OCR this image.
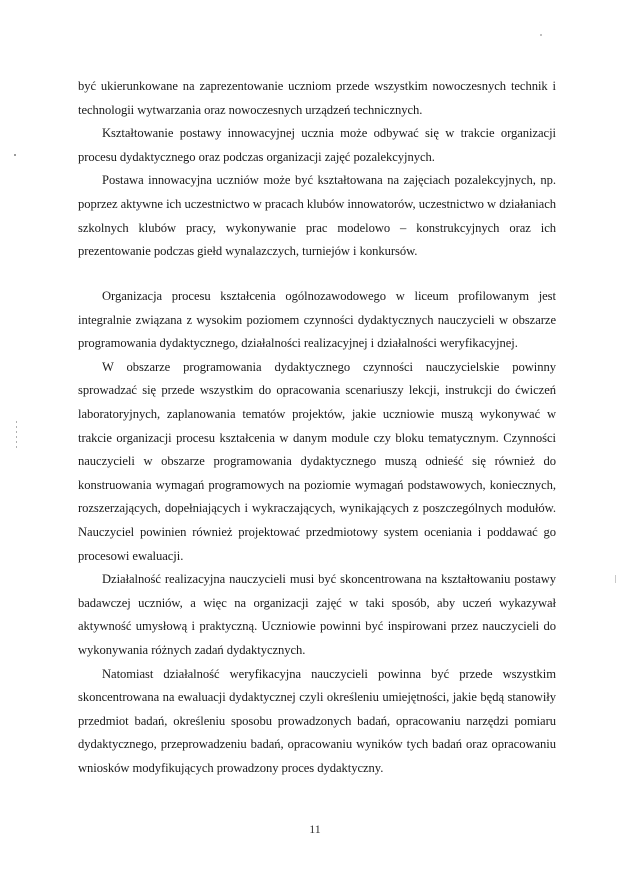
być ukierunkowane na zaprezentowanie uczniom przede wszystkim nowoczesnych technik i technologii wytwarzania oraz nowoczesnych urządzeń technicznych.

Kształtowanie postawy innowacyjnej ucznia może odbywać się w trakcie organizacji procesu dydaktycznego oraz podczas organizacji zajęć pozalekcyjnych.

Postawa innowacyjna uczniów może być kształtowana na zajęciach pozalekcyjnych, np. poprzez aktywne ich uczestnictwo w pracach klubów innowatorów, uczestnictwo w działaniach szkolnych klubów pracy, wykonywanie prac modelowo – konstrukcyjnych oraz ich prezentowanie podczas giełd wynalazczych, turniejów i konkursów.

Organizacja procesu kształcenia ogólnozawodowego w liceum profilowanym jest integralnie związana z wysokim poziomem czynności dydaktycznych nauczycieli w obszarze programowania dydaktycznego, działalności realizacyjnej i działalności weryfikacyjnej.

W obszarze programowania dydaktycznego czynności nauczycielskie powinny sprowadzać się przede wszystkim do opracowania scenariuszy lekcji, instrukcji do ćwiczeń laboratoryjnych, zaplanowania tematów projektów, jakie uczniowie muszą wykonywać w trakcie organizacji procesu kształcenia w danym module czy bloku tematycznym. Czynności nauczycieli w obszarze programowania dydaktycznego muszą odnieść się również do konstruowania wymagań programowych na poziomie wymagań podstawowych, koniecznych, rozszerzających, dopełniających i wykraczających, wynikających z poszczególnych modułów. Nauczyciel powinien również projektować przedmiotowy system oceniania i poddawać go procesowi ewaluacji.

Działalność realizacyjna nauczycieli musi być skoncentrowana na kształtowaniu postawy badawczej uczniów, a więc na organizacji zajęć w taki sposób, aby uczeń wykazywał aktywność umysłową i praktyczną. Uczniowie powinni być inspirowani przez nauczycieli do wykonywania różnych zadań dydaktycznych.

Natomiast działalność weryfikacyjna nauczycieli powinna być przede wszystkim skoncentrowana na ewaluacji dydaktycznej czyli określeniu umiejętności, jakie będą stanowiły przedmiot badań, określeniu sposobu prowadzonych badań, opracowaniu narzędzi pomiaru dydaktycznego, przeprowadzeniu badań, opracowaniu wyników tych badań oraz opracowaniu wniosków modyfikujących prowadzony proces dydaktyczny.

11
